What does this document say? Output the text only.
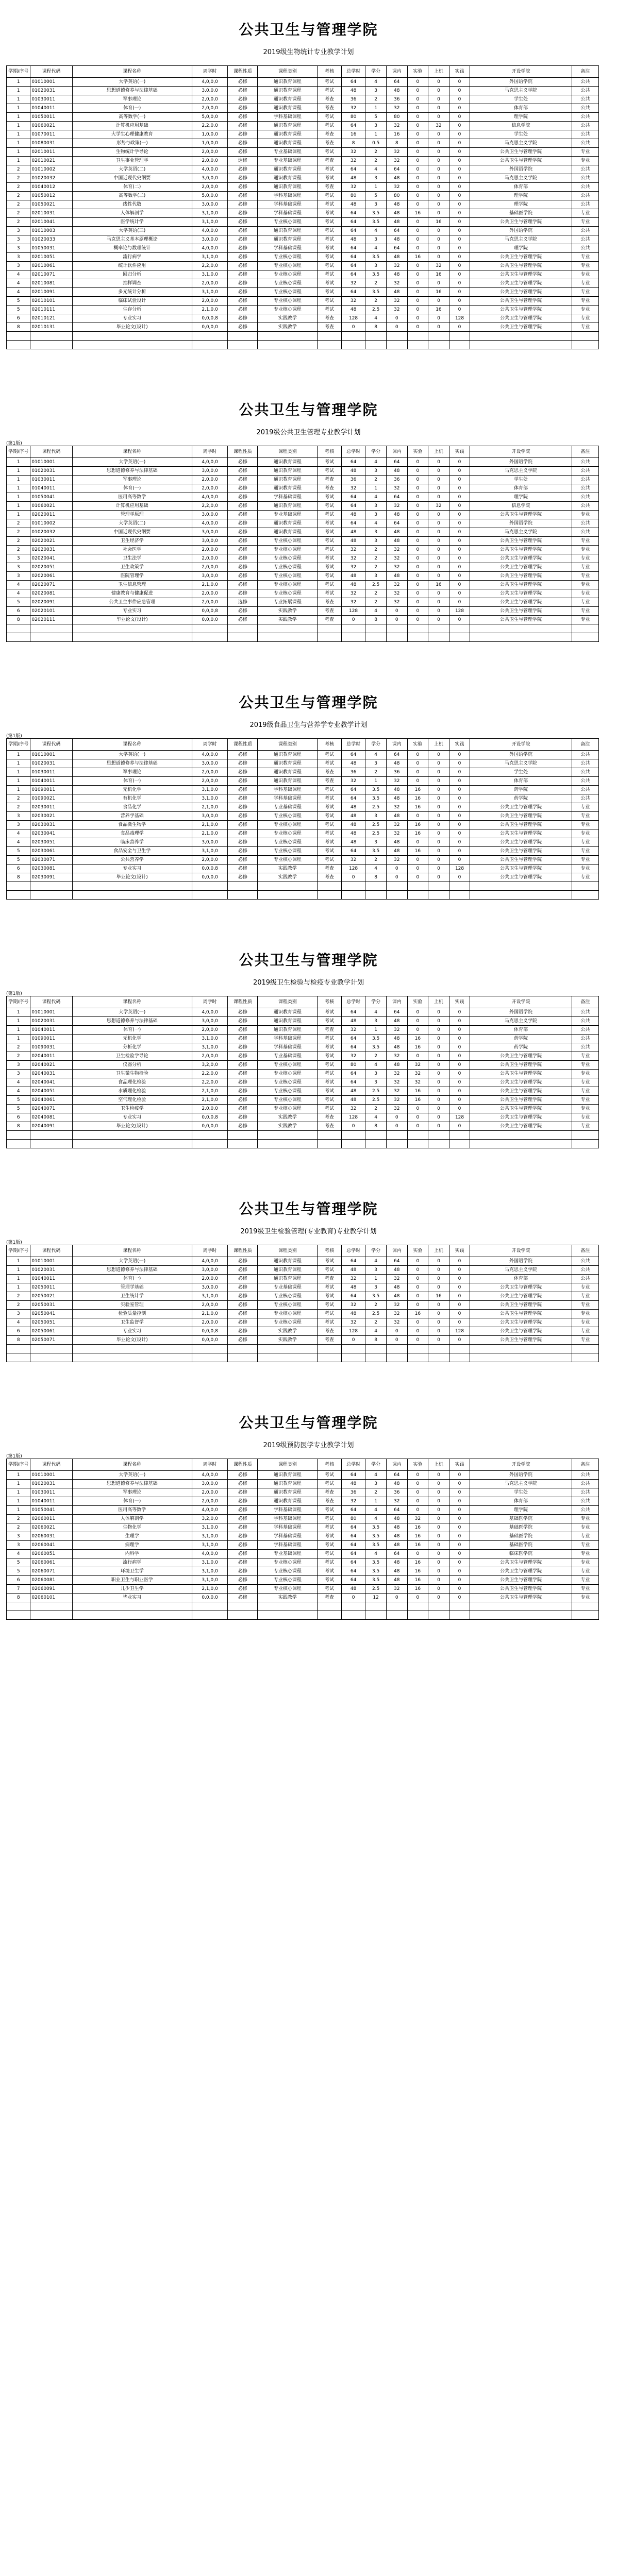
公共卫生与管理学院
2019级生物统计专业教学计划
学期/序号	课程代码	课程名称	周学时	课程性质	课程类别	考核	总学时	学分	课内	实验	上机	实践	开设学院	备注
1	01010001	大学英语(一)	4,0,0,0	必修	通识教育课程	考试	64	4	64	0	0	0	外国语学院	公共
1	01020031	思想道德修养与法律基础	3,0,0,0	必修	通识教育课程	考试	48	3	48	0	0	0	马克思主义学院	公共
1	01030011	军事理论	2,0,0,0	必修	通识教育课程	考查	36	2	36	0	0	0	学生处	公共
1	01040011	体育(一)	2,0,0,0	必修	通识教育课程	考查	32	1	32	0	0	0	体育部	公共
1	01050011	高等数学(一)	5,0,0,0	必修	学科基础课程	考试	80	5	80	0	0	0	理学院	公共
1	01060021	计算机应用基础	2,2,0,0	必修	通识教育课程	考试	64	3	32	0	32	0	信息学院	公共
1	01070011	大学生心理健康教育	1,0,0,0	必修	通识教育课程	考查	16	1	16	0	0	0	学生处	公共
1	01080031	形势与政策(一)	1,0,0,0	必修	通识教育课程	考查	8	0.5	8	0	0	0	马克思主义学院	公共
1	02010011	生物统计学导论	2,0,0,0	必修	专业基础课程	考试	32	2	32	0	0	0	公共卫生与管理学院	专业
1	02010021	卫生事业管理学	2,0,0,0	选修	专业基础课程	考查	32	2	32	0	0	0	公共卫生与管理学院	专业
2	01010002	大学英语(二)	4,0,0,0	必修	通识教育课程	考试	64	4	64	0	0	0	外国语学院	公共
2	01020032	中国近现代史纲要	3,0,0,0	必修	通识教育课程	考试	48	3	48	0	0	0	马克思主义学院	公共
2	01040012	体育(二)	2,0,0,0	必修	通识教育课程	考查	32	1	32	0	0	0	体育部	公共
2	01050012	高等数学(二)	5,0,0,0	必修	学科基础课程	考试	80	5	80	0	0	0	理学院	公共
2	01050021	线性代数	3,0,0,0	必修	学科基础课程	考试	48	3	48	0	0	0	理学院	公共
2	02010031	人体解剖学	3,1,0,0	必修	学科基础课程	考试	64	3.5	48	16	0	0	基础医学院	专业
2	02010041	医学统计学	3,1,0,0	必修	专业核心课程	考试	64	3.5	48	0	16	0	公共卫生与管理学院	专业
3	01010003	大学英语(三)	4,0,0,0	必修	通识教育课程	考试	64	4	64	0	0	0	外国语学院	公共
3	01020033	马克思主义基本原理概论	3,0,0,0	必修	通识教育课程	考试	48	3	48	0	0	0	马克思主义学院	公共
3	01050031	概率论与数理统计	4,0,0,0	必修	学科基础课程	考试	64	4	64	0	0	0	理学院	公共
3	02010051	流行病学	3,1,0,0	必修	专业核心课程	考试	64	3.5	48	16	0	0	公共卫生与管理学院	专业
3	02010061	统计软件应用	2,2,0,0	必修	专业核心课程	考试	64	3	32	0	32	0	公共卫生与管理学院	专业
4	02010071	回归分析	3,1,0,0	必修	专业核心课程	考试	64	3.5	48	0	16	0	公共卫生与管理学院	专业
4	02010081	抽样调查	2,0,0,0	必修	专业核心课程	考试	32	2	32	0	0	0	公共卫生与管理学院	专业
4	02010091	多元统计分析	3,1,0,0	必修	专业核心课程	考试	64	3.5	48	0	16	0	公共卫生与管理学院	专业
5	02010101	临床试验设计	2,0,0,0	必修	专业核心课程	考试	32	2	32	0	0	0	公共卫生与管理学院	专业
5	02010111	生存分析	2,1,0,0	必修	专业核心课程	考试	48	2.5	32	0	16	0	公共卫生与管理学院	专业
6	02010121	专业实习	0,0,0,8	必修	实践教学	考查	128	4	0	0	0	128	公共卫生与管理学院	专业
8	02010131	毕业论文(设计)	0,0,0,0	必修	实践教学	考查	0	8	0	0	0	0	公共卫生与管理学院	专业

公共卫生与管理学院
2019级公共卫生管理专业教学计划
(第1版)
学期/序号	课程代码	课程名称	周学时	课程性质	课程类别	考核	总学时	学分	课内	实验	上机	实践	开设学院	备注
1	01010001	大学英语(一)	4,0,0,0	必修	通识教育课程	考试	64	4	64	0	0	0	外国语学院	公共
1	01020031	思想道德修养与法律基础	3,0,0,0	必修	通识教育课程	考试	48	3	48	0	0	0	马克思主义学院	公共
1	01030011	军事理论	2,0,0,0	必修	通识教育课程	考查	36	2	36	0	0	0	学生处	公共
1	01040011	体育(一)	2,0,0,0	必修	通识教育课程	考查	32	1	32	0	0	0	体育部	公共
1	01050041	医用高等数学	4,0,0,0	必修	学科基础课程	考试	64	4	64	0	0	0	理学院	公共
1	01060021	计算机应用基础	2,2,0,0	必修	通识教育课程	考试	64	3	32	0	32	0	信息学院	公共
1	02020011	管理学原理	3,0,0,0	必修	专业基础课程	考试	48	3	48	0	0	0	公共卫生与管理学院	专业
2	01010002	大学英语(二)	4,0,0,0	必修	通识教育课程	考试	64	4	64	0	0	0	外国语学院	公共
2	01020032	中国近现代史纲要	3,0,0,0	必修	通识教育课程	考试	48	3	48	0	0	0	马克思主义学院	公共
2	02020021	卫生经济学	3,0,0,0	必修	专业核心课程	考试	48	3	48	0	0	0	公共卫生与管理学院	专业
2	02020031	社会医学	2,0,0,0	必修	专业核心课程	考试	32	2	32	0	0	0	公共卫生与管理学院	专业
3	02020041	卫生法学	2,0,0,0	必修	专业核心课程	考试	32	2	32	0	0	0	公共卫生与管理学院	专业
3	02020051	卫生政策学	2,0,0,0	必修	专业核心课程	考试	32	2	32	0	0	0	公共卫生与管理学院	专业
3	02020061	医院管理学	3,0,0,0	必修	专业核心课程	考试	48	3	48	0	0	0	公共卫生与管理学院	专业
4	02020071	卫生信息管理	2,1,0,0	必修	专业核心课程	考试	48	2.5	32	0	16	0	公共卫生与管理学院	专业
4	02020081	健康教育与健康促进	2,0,0,0	必修	专业核心课程	考试	32	2	32	0	0	0	公共卫生与管理学院	专业
5	02020091	公共卫生事件应急管理	2,0,0,0	选修	专业拓展课程	考查	32	2	32	0	0	0	公共卫生与管理学院	专业
6	02020101	专业实习	0,0,0,8	必修	实践教学	考查	128	4	0	0	0	128	公共卫生与管理学院	专业
8	02020111	毕业论文(设计)	0,0,0,0	必修	实践教学	考查	0	8	0	0	0	0	公共卫生与管理学院	专业

公共卫生与管理学院
2019级食品卫生与营养学专业教学计划
(第1版)
学期/序号	课程代码	课程名称	周学时	课程性质	课程类别	考核	总学时	学分	课内	实验	上机	实践	开设学院	备注
1	01010001	大学英语(一)	4,0,0,0	必修	通识教育课程	考试	64	4	64	0	0	0	外国语学院	公共
1	01020031	思想道德修养与法律基础	3,0,0,0	必修	通识教育课程	考试	48	3	48	0	0	0	马克思主义学院	公共
1	01030011	军事理论	2,0,0,0	必修	通识教育课程	考查	36	2	36	0	0	0	学生处	公共
1	01040011	体育(一)	2,0,0,0	必修	通识教育课程	考查	32	1	32	0	0	0	体育部	公共
1	01090011	无机化学	3,1,0,0	必修	学科基础课程	考试	64	3.5	48	16	0	0	药学院	公共
2	01090021	有机化学	3,1,0,0	必修	学科基础课程	考试	64	3.5	48	16	0	0	药学院	公共
2	02030011	食品化学	2,1,0,0	必修	专业基础课程	考试	48	2.5	32	16	0	0	公共卫生与管理学院	专业
3	02030021	营养学基础	3,0,0,0	必修	专业核心课程	考试	48	3	48	0	0	0	公共卫生与管理学院	专业
3	02030031	食品微生物学	2,1,0,0	必修	专业核心课程	考试	48	2.5	32	16	0	0	公共卫生与管理学院	专业
4	02030041	食品毒理学	2,1,0,0	必修	专业核心课程	考试	48	2.5	32	16	0	0	公共卫生与管理学院	专业
4	02030051	临床营养学	3,0,0,0	必修	专业核心课程	考试	48	3	48	0	0	0	公共卫生与管理学院	专业
5	02030061	食品安全与卫生学	3,1,0,0	必修	专业核心课程	考试	64	3.5	48	16	0	0	公共卫生与管理学院	专业
5	02030071	公共营养学	2,0,0,0	必修	专业核心课程	考试	32	2	32	0	0	0	公共卫生与管理学院	专业
6	02030081	专业实习	0,0,0,8	必修	实践教学	考查	128	4	0	0	0	128	公共卫生与管理学院	专业
8	02030091	毕业论文(设计)	0,0,0,0	必修	实践教学	考查	0	8	0	0	0	0	公共卫生与管理学院	专业

公共卫生与管理学院
2019级卫生检验与检疫专业教学计划
(第1版)
学期/序号	课程代码	课程名称	周学时	课程性质	课程类别	考核	总学时	学分	课内	实验	上机	实践	开设学院	备注
1	01010001	大学英语(一)	4,0,0,0	必修	通识教育课程	考试	64	4	64	0	0	0	外国语学院	公共
1	01020031	思想道德修养与法律基础	3,0,0,0	必修	通识教育课程	考试	48	3	48	0	0	0	马克思主义学院	公共
1	01040011	体育(一)	2,0,0,0	必修	通识教育课程	考查	32	1	32	0	0	0	体育部	公共
1	01090011	无机化学	3,1,0,0	必修	学科基础课程	考试	64	3.5	48	16	0	0	药学院	公共
2	01090031	分析化学	3,1,0,0	必修	学科基础课程	考试	64	3.5	48	16	0	0	药学院	公共
2	02040011	卫生检验学导论	2,0,0,0	必修	专业基础课程	考试	32	2	32	0	0	0	公共卫生与管理学院	专业
3	02040021	仪器分析	3,2,0,0	必修	专业核心课程	考试	80	4	48	32	0	0	公共卫生与管理学院	专业
3	02040031	卫生微生物检验	2,2,0,0	必修	专业核心课程	考试	64	3	32	32	0	0	公共卫生与管理学院	专业
4	02040041	食品理化检验	2,2,0,0	必修	专业核心课程	考试	64	3	32	32	0	0	公共卫生与管理学院	专业
4	02040051	水质理化检验	2,1,0,0	必修	专业核心课程	考试	48	2.5	32	16	0	0	公共卫生与管理学院	专业
5	02040061	空气理化检验	2,1,0,0	必修	专业核心课程	考试	48	2.5	32	16	0	0	公共卫生与管理学院	专业
5	02040071	卫生检疫学	2,0,0,0	必修	专业核心课程	考试	32	2	32	0	0	0	公共卫生与管理学院	专业
6	02040081	专业实习	0,0,0,8	必修	实践教学	考查	128	4	0	0	0	128	公共卫生与管理学院	专业
8	02040091	毕业论文(设计)	0,0,0,0	必修	实践教学	考查	0	8	0	0	0	0	公共卫生与管理学院	专业

公共卫生与管理学院
2019级卫生检验管理(专业教育)专业教学计划
(第1版)
学期/序号	课程代码	课程名称	周学时	课程性质	课程类别	考核	总学时	学分	课内	实验	上机	实践	开设学院	备注
1	01010001	大学英语(一)	4,0,0,0	必修	通识教育课程	考试	64	4	64	0	0	0	外国语学院	公共
1	01020031	思想道德修养与法律基础	3,0,0,0	必修	通识教育课程	考试	48	3	48	0	0	0	马克思主义学院	公共
1	01040011	体育(一)	2,0,0,0	必修	通识教育课程	考查	32	1	32	0	0	0	体育部	公共
1	02050011	管理学基础	3,0,0,0	必修	专业基础课程	考试	48	3	48	0	0	0	公共卫生与管理学院	专业
2	02050021	卫生统计学	3,1,0,0	必修	专业核心课程	考试	64	3.5	48	0	16	0	公共卫生与管理学院	专业
2	02050031	实验室管理	2,0,0,0	必修	专业核心课程	考试	32	2	32	0	0	0	公共卫生与管理学院	专业
3	02050041	检验质量控制	2,1,0,0	必修	专业核心课程	考试	48	2.5	32	16	0	0	公共卫生与管理学院	专业
4	02050051	卫生监督学	2,0,0,0	必修	专业核心课程	考试	32	2	32	0	0	0	公共卫生与管理学院	专业
6	02050061	专业实习	0,0,0,8	必修	实践教学	考查	128	4	0	0	0	128	公共卫生与管理学院	专业
8	02050071	毕业论文(设计)	0,0,0,0	必修	实践教学	考查	0	8	0	0	0	0	公共卫生与管理学院	专业

公共卫生与管理学院
2019级预防医学专业教学计划
(第1版)
学期/序号	课程代码	课程名称	周学时	课程性质	课程类别	考核	总学时	学分	课内	实验	上机	实践	开设学院	备注
1	01010001	大学英语(一)	4,0,0,0	必修	通识教育课程	考试	64	4	64	0	0	0	外国语学院	公共
1	01020031	思想道德修养与法律基础	3,0,0,0	必修	通识教育课程	考试	48	3	48	0	0	0	马克思主义学院	公共
1	01030011	军事理论	2,0,0,0	必修	通识教育课程	考查	36	2	36	0	0	0	学生处	公共
1	01040011	体育(一)	2,0,0,0	必修	通识教育课程	考查	32	1	32	0	0	0	体育部	公共
1	01050041	医用高等数学	4,0,0,0	必修	学科基础课程	考试	64	4	64	0	0	0	理学院	公共
2	02060011	人体解剖学	3,2,0,0	必修	学科基础课程	考试	80	4	48	32	0	0	基础医学院	专业
2	02060021	生物化学	3,1,0,0	必修	学科基础课程	考试	64	3.5	48	16	0	0	基础医学院	专业
3	02060031	生理学	3,1,0,0	必修	学科基础课程	考试	64	3.5	48	16	0	0	基础医学院	专业
3	02060041	病理学	3,1,0,0	必修	学科基础课程	考试	64	3.5	48	16	0	0	基础医学院	专业
4	02060051	内科学	4,0,0,0	必修	专业基础课程	考试	64	4	64	0	0	0	临床医学院	专业
5	02060061	流行病学	3,1,0,0	必修	专业核心课程	考试	64	3.5	48	16	0	0	公共卫生与管理学院	专业
5	02060071	环境卫生学	3,1,0,0	必修	专业核心课程	考试	64	3.5	48	16	0	0	公共卫生与管理学院	专业
6	02060081	职业卫生与职业医学	3,1,0,0	必修	专业核心课程	考试	64	3.5	48	16	0	0	公共卫生与管理学院	专业
7	02060091	儿少卫生学	2,1,0,0	必修	专业核心课程	考试	48	2.5	32	16	0	0	公共卫生与管理学院	专业
8	02060101	毕业实习	0,0,0,0	必修	实践教学	考查	0	12	0	0	0	0	公共卫生与管理学院	专业
